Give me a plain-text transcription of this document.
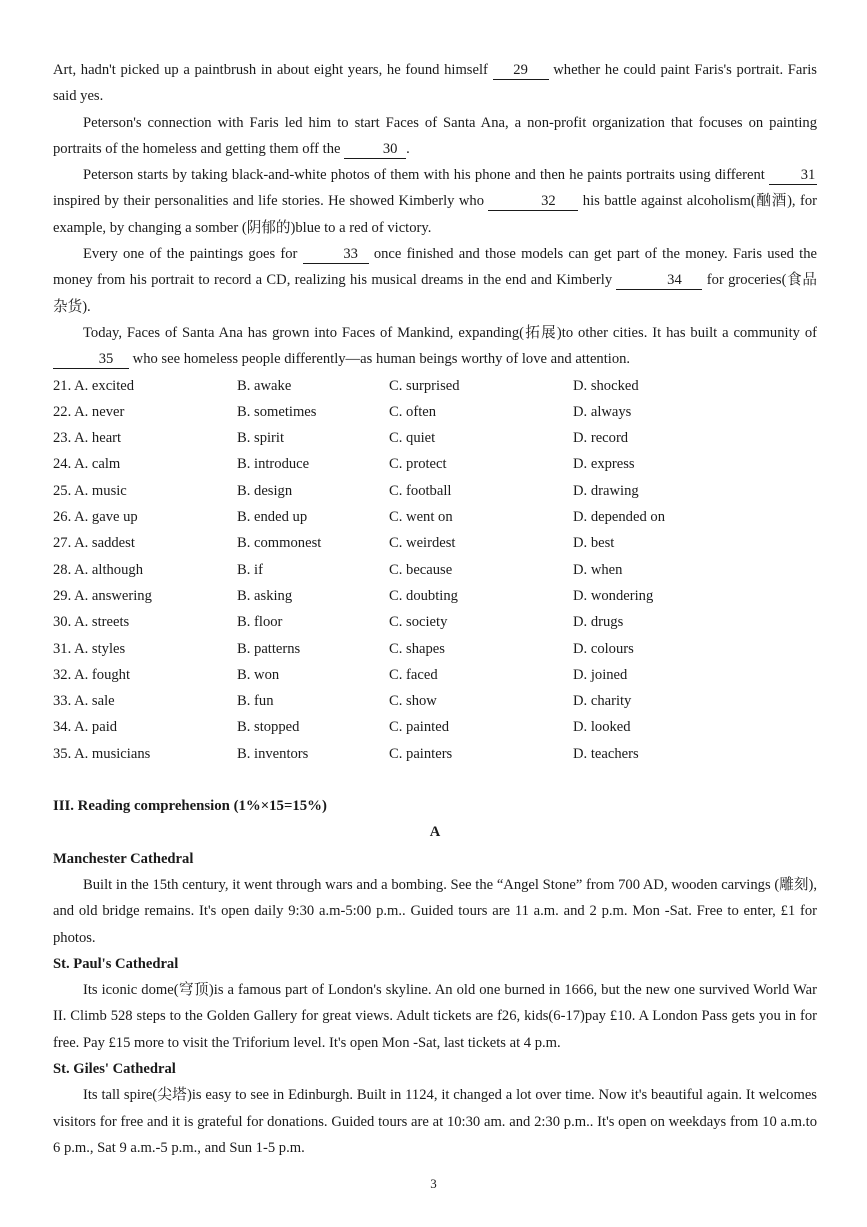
Art, hadn't picked up a paintbrush in about eight years, he found himself 29 whether he could paint Faris's portrait. Faris said yes.

Peterson's connection with Faris led him to start Faces of Santa Ana, a non-profit organization that focuses on painting portraits of the homeless and getting them off the	30 .

Peterson starts by taking black-and-white photos of them with his phone and then he paints portraits using different 31 inspired by their personalities and life stories. He showed Kimberly who	32 his battle against alcoholism(酗酒), for example, by changing a somber (阴郁的)blue to a red of victory.

Every one of the paintings goes for	33 once finished and those models can get part of the money. Faris used the money from his portrait to record a CD, realizing his musical dreams in the end and Kimberly	34 for groceries(食品杂货).

Today, Faces of Santa Ana has grown into Faces of Mankind, expanding(拓展)to other cities. It has built a community of 35 who see homeless people differently—as human beings worthy of love and attention.

21. A. excited	B. awake	C. surprised	D. shocked
22. A. never	B. sometimes	C. often	D. always
23. A. heart	B. spirit	C. quiet	D. record
24. A. calm	B. introduce	C. protect	D. express
25. A. music	B. design	C. football	D. drawing
26. A. gave up	B. ended up	C. went on	D. depended on
27. A. saddest	B. commonest	C. weirdest	D. best
28. A. although	B. if	C. because	D. when
29. A. answering	B. asking	C. doubting	D. wondering
30. A. streets	B. floor	C. society	D. drugs
31. A. styles	B. patterns	C. shapes	D. colours
32. A. fought	B. won	C. faced	D. joined
33. A. sale	B. fun	C. show	D. charity
34. A. paid	B. stopped	C. painted	D. looked
35. A. musicians	B. inventors	C. painters	D. teachers
III. Reading comprehension (1%×15=15%)
A
Manchester Cathedral

Built in the 15th century, it went through wars and a bombing. See the “Angel Stone” from 700 AD, wooden carvings (雕刻), and old bridge remains. It's open daily 9:30 a.m-5:00 p.m.. Guided tours are 11 a.m. and 2 p.m. Mon -Sat. Free to enter, £1 for photos.

St. Paul's Cathedral

Its iconic dome(穹顶)is a famous part of London's skyline. An old one burned in 1666, but the new one survived World War II. Climb 528 steps to the Golden Gallery for great views. Adult tickets are f26, kids(6-17)pay £10. A London Pass gets you in for free. Pay £15 more to visit the Triforium level. It's open Mon -Sat, last tickets at 4 p.m.

St. Giles' Cathedral

Its tall spire(尖塔)is easy to see in Edinburgh. Built in 1124, it changed a lot over time. Now it's beautiful again. It welcomes visitors for free and it is grateful for donations. Guided tours are at 10:30 am. and 2:30 p.m.. It's open on weekdays from 10 a.m.to 6 p.m., Sat 9 a.m.-5 p.m., and Sun 1-5 p.m.

3
